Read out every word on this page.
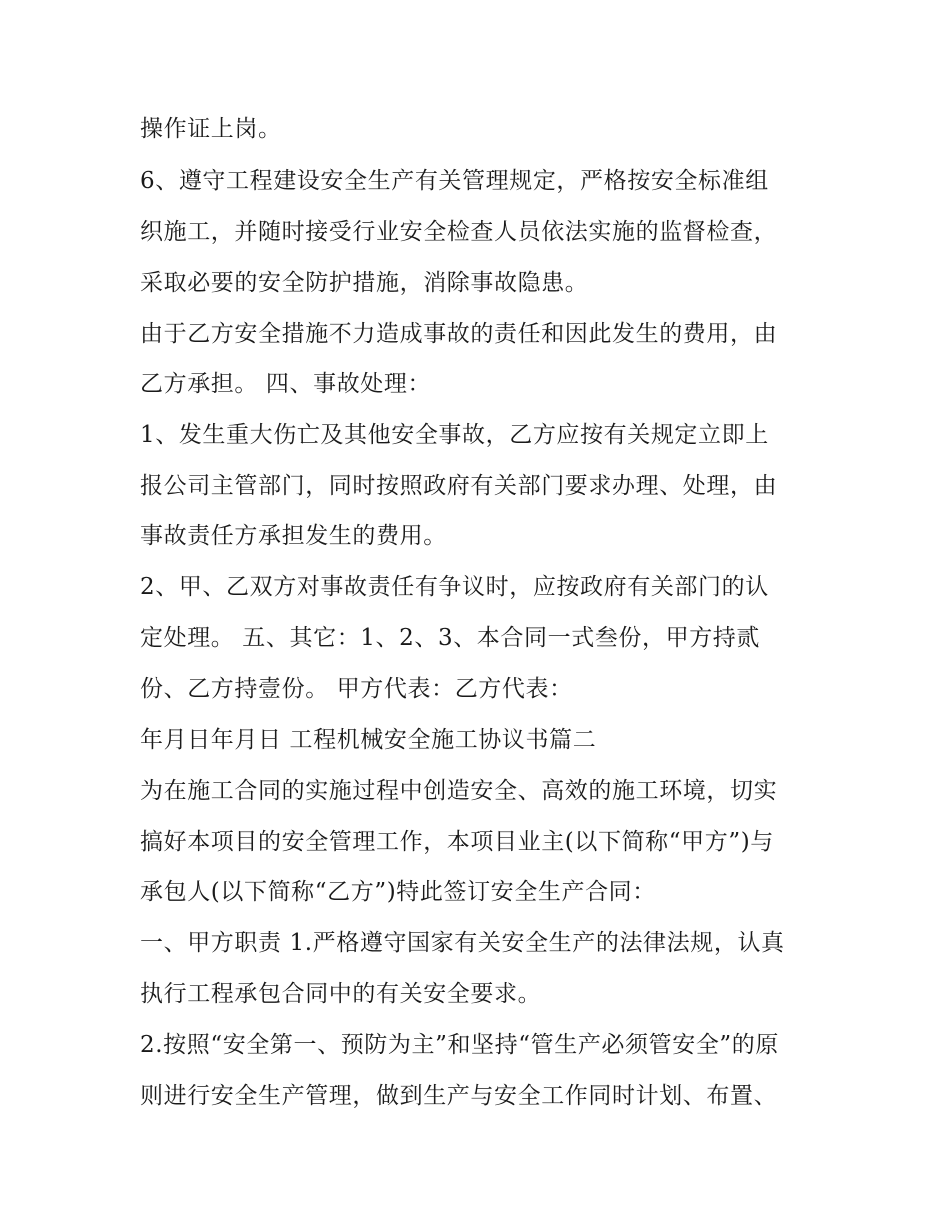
操作证上岗。
6、遵守工程建设安全生产有关管理规定，严格按安全标准组
织施工，并随时接受行业安全检查人员依法实施的监督检查，
采取必要的安全防护措施，消除事故隐患。
由于乙方安全措施不力造成事故的责任和因此发生的费用，由
乙方承担。 四、事故处理：
1、发生重大伤亡及其他安全事故，乙方应按有关规定立即上
报公司主管部门，同时按照政府有关部门要求办理、处理，由
事故责任方承担发生的费用。
2、甲、乙双方对事故责任有争议时，应按政府有关部门的认
定处理。 五、其它：1、2、3、本合同一式叁份，甲方持贰
份、乙方持壹份。 甲方代表：乙方代表：
年月日年月日 工程机械安全施工协议书篇二
为在施工合同的实施过程中创造安全、高效的施工环境，切实
搞好本项目的安全管理工作，本项目业主(以下简称“甲方”)与
承包人(以下简称“乙方”)特此签订安全生产合同：
一、甲方职责 1.严格遵守国家有关安全生产的法律法规，认真
执行工程承包合同中的有关安全要求。
2.按照“安全第一、预防为主”和坚持“管生产必须管安全”的原
则进行安全生产管理，做到生产与安全工作同时计划、布置、
